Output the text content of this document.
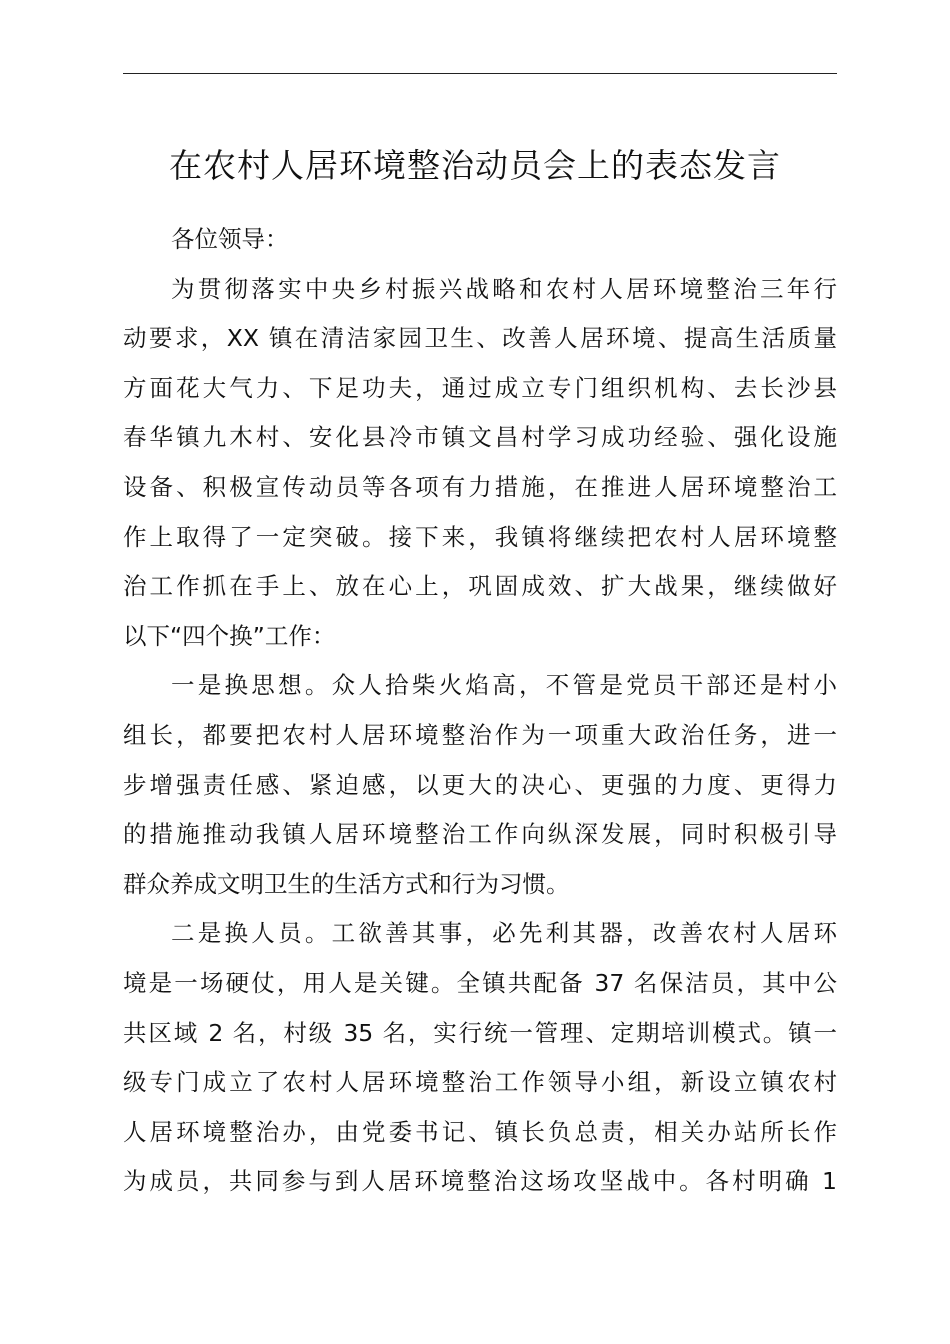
在农村人居环境整治动员会上的表态发言
各位领导：
为贯彻落实中央乡村振兴战略和农村人居环境整治三年行
动要求，XX 镇在清洁家园卫生、改善人居环境、提高生活质量
方面花大气力、下足功夫，通过成立专门组织机构、去长沙县
春华镇九木村、安化县冷市镇文昌村学习成功经验、强化设施
设备、积极宣传动员等各项有力措施，在推进人居环境整治工
作上取得了一定突破。接下来，我镇将继续把农村人居环境整
治工作抓在手上、放在心上，巩固成效、扩大战果，继续做好
以下“四个换”工作：
一是换思想。众人拾柴火焰高，不管是党员干部还是村小
组长，都要把农村人居环境整治作为一项重大政治任务，进一
步增强责任感、紧迫感，以更大的决心、更强的力度、更得力
的措施推动我镇人居环境整治工作向纵深发展，同时积极引导
群众养成文明卫生的生活方式和行为习惯。
二是换人员。工欲善其事，必先利其器，改善农村人居环
境是一场硬仗，用人是关键。全镇共配备 37 名保洁员，其中公
共区域 2 名，村级 35 名，实行统一管理、定期培训模式。镇一
级专门成立了农村人居环境整治工作领导小组，新设立镇农村
人居环境整治办，由党委书记、镇长负总责，相关办站所长作
为成员，共同参与到人居环境整治这场攻坚战中。各村明确 1
